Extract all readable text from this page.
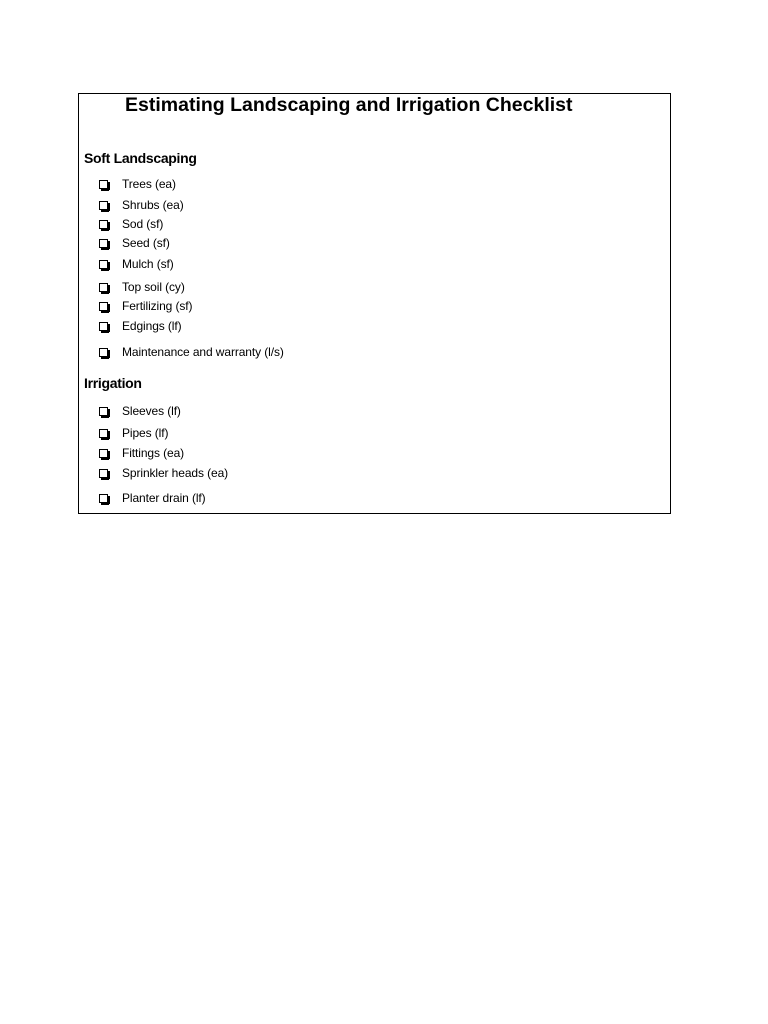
Estimating Landscaping and Irrigation Checklist
Soft Landscaping
Trees (ea)
Shrubs (ea)
Sod (sf)
Seed (sf)
Mulch (sf)
Top soil (cy)
Fertilizing (sf)
Edgings (lf)
Maintenance and warranty (l/s)
Irrigation
Sleeves (lf)
Pipes (lf)
Fittings (ea)
Sprinkler heads (ea)
Planter drain (lf)
